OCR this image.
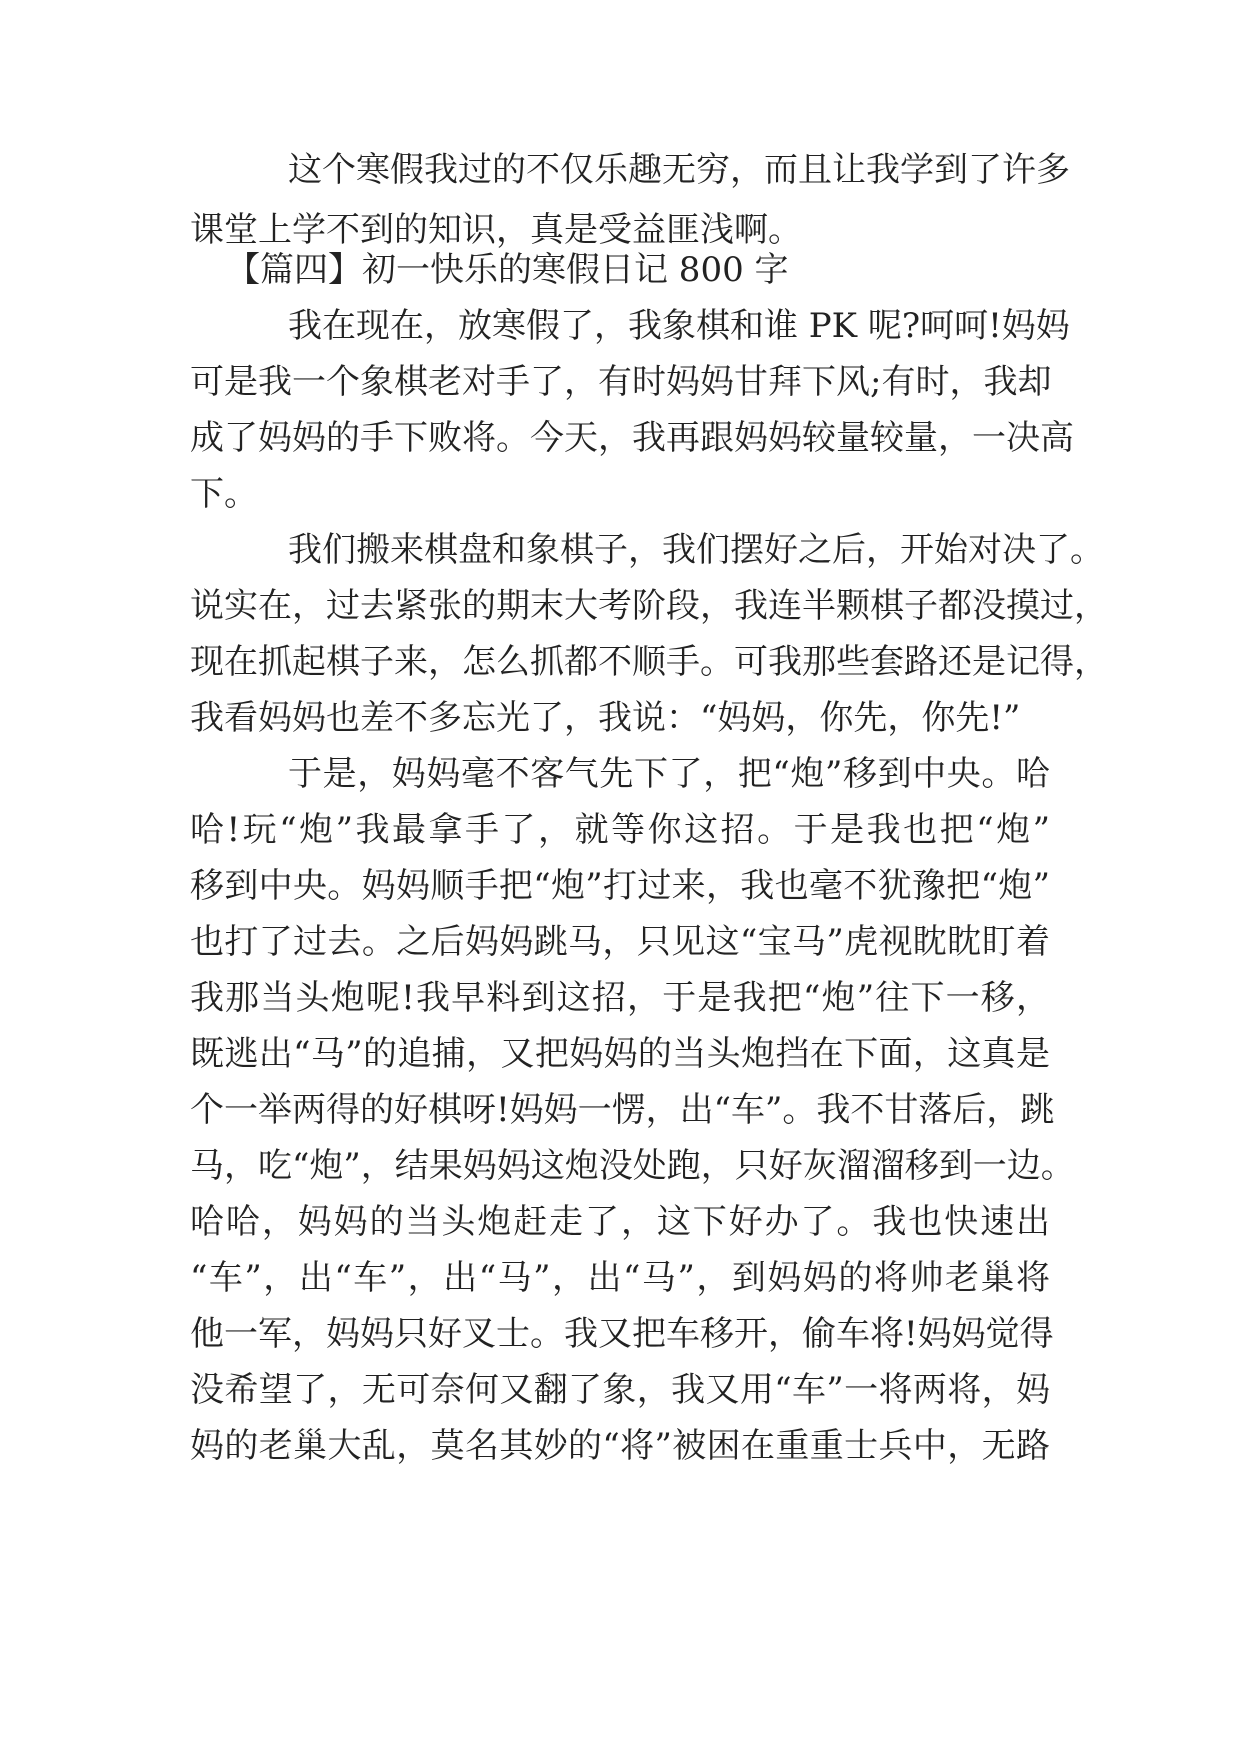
这个寒假我过的不仅乐趣无穷，而且让我学到了许多
课堂上学不到的知识，真是受益匪浅啊。
【篇四】初一快乐的寒假日记 800 字
我在现在，放寒假了，我象棋和谁 PK 呢?呵呵!妈妈
可是我一个象棋老对手了，有时妈妈甘拜下风;有时，我却
成了妈妈的手下败将。今天，我再跟妈妈较量较量，一决高
下。
我们搬来棋盘和象棋子，我们摆好之后，开始对决了。
说实在，过去紧张的期末大考阶段，我连半颗棋子都没摸过，
现在抓起棋子来，怎么抓都不顺手。可我那些套路还是记得，
我看妈妈也差不多忘光了，我说：“妈妈，你先，你先!”
于是，妈妈毫不客气先下了，把“炮”移到中央。哈
哈!玩“炮”我最拿手了，就等你这招。于是我也把“炮”
移到中央。妈妈顺手把“炮”打过来，我也毫不犹豫把“炮”
也打了过去。之后妈妈跳马，只见这“宝马”虎视眈眈盯着
我那当头炮呢!我早料到这招，于是我把“炮”往下一移，
既逃出“马”的追捕，又把妈妈的当头炮挡在下面，这真是
个一举两得的好棋呀!妈妈一愣，出“车”。我不甘落后，跳
马，吃“炮”，结果妈妈这炮没处跑，只好灰溜溜移到一边。
哈哈，妈妈的当头炮赶走了，这下好办了。我也快速出
“车”，出“车”，出“马”，出“马”，到妈妈的将帅老巢将
他一军，妈妈只好叉士。我又把车移开，偷车将!妈妈觉得
没希望了，无可奈何又翻了象，我又用“车”一将两将，妈
妈的老巢大乱，莫名其妙的“将”被困在重重士兵中，无路
